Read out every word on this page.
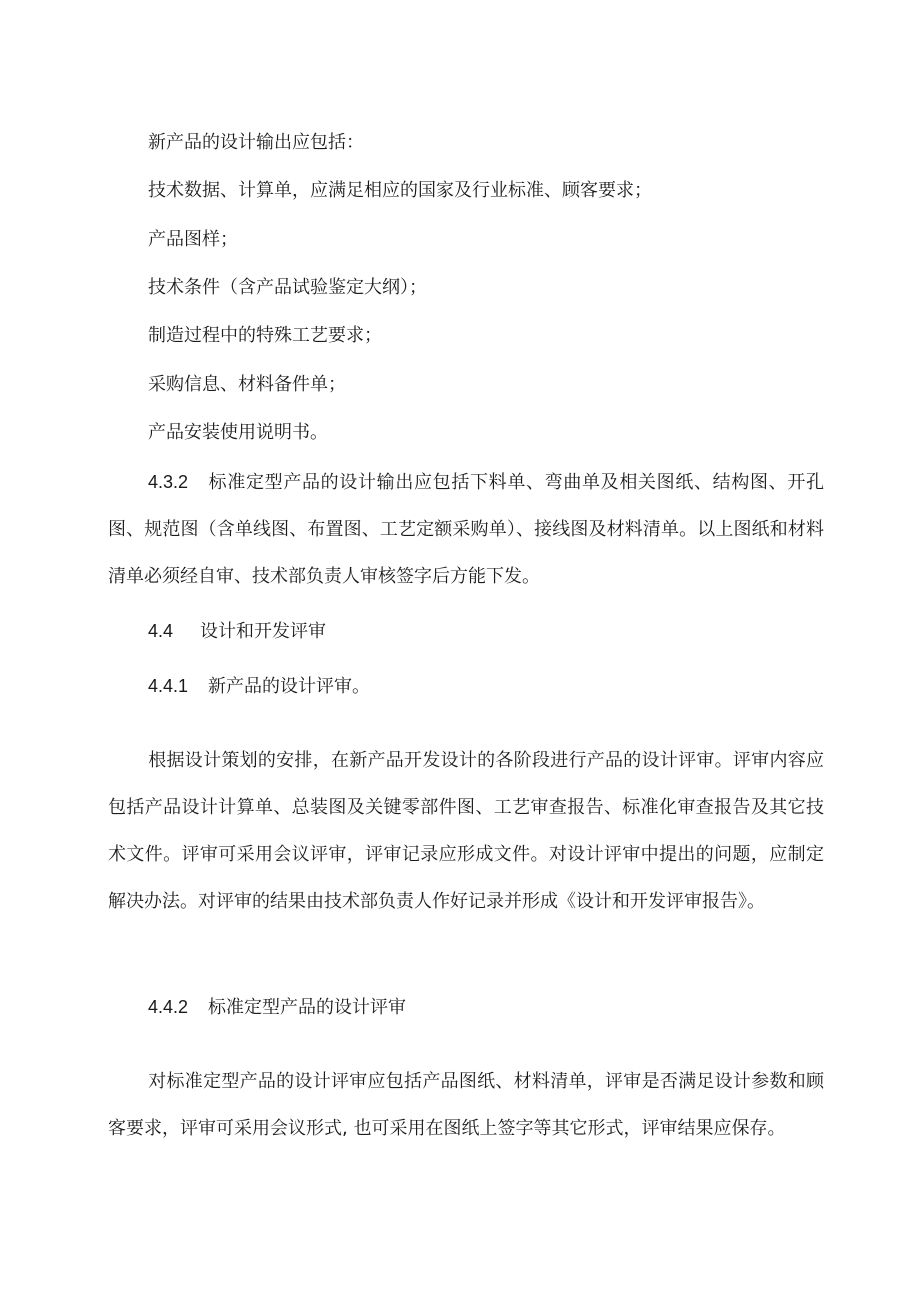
新产品的设计输出应包括：
技术数据、计算单，应满足相应的国家及行业标准、顾客要求；
产品图样；
技术条件（含产品试验鉴定大纲）；
制造过程中的特殊工艺要求；
采购信息、材料备件单；
产品安装使用说明书。
4.3.2 标准定型产品的设计输出应包括下料单、弯曲单及相关图纸、结构图、开孔图、规范图（含单线图、布置图、工艺定额采购单）、接线图及材料清单。以上图纸和材料清单必须经自审、技术部负责人审核签字后方能下发。
4.4 设计和开发评审
4.4.1 新产品的设计评审。
根据设计策划的安排，在新产品开发设计的各阶段进行产品的设计评审。评审内容应包括产品设计计算单、总装图及关键零部件图、工艺审查报告、标准化审查报告及其它技术文件。评审可采用会议评审，评审记录应形成文件。对设计评审中提出的问题，应制定解决办法。对评审的结果由技术部负责人作好记录并形成《设计和开发评审报告》。
4.4.2 标准定型产品的设计评审
对标准定型产品的设计评审应包括产品图纸、材料清单，评审是否满足设计参数和顾客要求，评审可采用会议形式, 也可采用在图纸上签字等其它形式，评审结果应保存。
